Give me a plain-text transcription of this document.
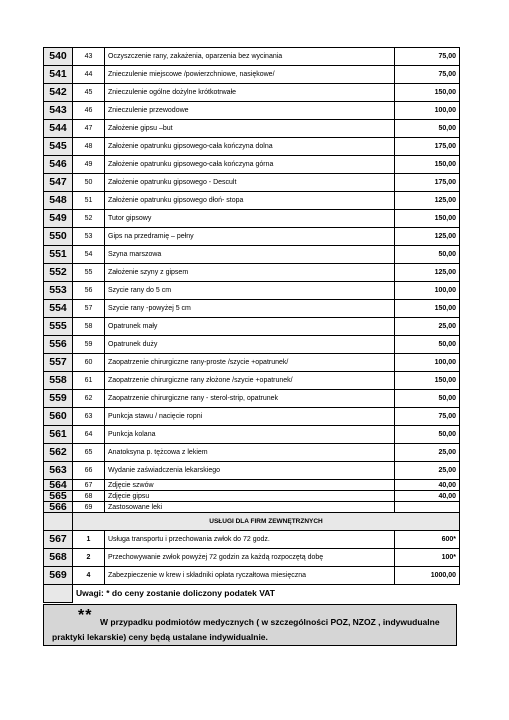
540	43	Oczyszczenie rany, zakażenia, oparzenia bez wycinania	75,00
541	44	Znieczulenie miejscowe /powierzchniowe, nasiękowe/	75,00
542	45	Znieczulenie ogólne dożylne krótkotrwałe	150,00
543	46	Znieczulenie przewodowe	100,00
544	47	Założenie gipsu –but	50,00
545	48	Założenie opatrunku gipsowego-cała kończyna dolna	175,00
546	49	Założenie opatrunku gipsowego-cała kończyna górna	150,00
547	50	Założenie opatrunku gipsowego - Descult	175,00
548	51	Założenie opatrunku gipsowego dłoń- stopa	125,00
549	52	Tutor gipsowy	150,00
550	53	Gips na przedramię – pełny	125,00
551	54	Szyna marszowa	50,00
552	55	Założenie szyny z gipsem	125,00
553	56	Szycie rany do 5 cm	100,00
554	57	Szycie rany -powyżej 5 cm	150,00
555	58	Opatrunek mały	25,00
556	59	Opatrunek duży	50,00
557	60	Zaopatrzenie chirurgiczne rany-proste /szycie +opatrunek/	100,00
558	61	Zaopatrzenie chirurgiczne rany złożone /szycie +opatrunek/	150,00
559	62	Zaopatrzenie chirurgiczne rany - sterol-strip, opatrunek	50,00
560	63	Punkcja stawu / nacięcie ropni	75,00
561	64	Punkcja kolana	50,00
562	65	Anatoksyna p. tężcowa z lekiem	25,00
563	66	Wydanie zaświadczenia lekarskiego	25,00
564	67	Zdjęcie szwów	40,00
565	68	Zdjęcie gipsu	40,00
566	69	Zastosowane leki	
	USŁUGI DLA FIRM ZEWNĘTRZNYCH		
567	1	Usługa transportu i przechowania zwłok do 72 godz.	600*
568	2	Przechowywanie zwłok powyżej 72 godzin za każdą rozpoczętą dobę	100*
569	4	Zabezpieczenie w krew i składniki opłata ryczałtowa miesięczna	1000,00
	Uwagi: * do ceny zostanie doliczony podatek VAT		
** W przypadku podmiotów medycznych ( w szczególności POZ, NZOZ , indywudualne
praktyki lekarskie) ceny będą ustalane indywidualnie.
